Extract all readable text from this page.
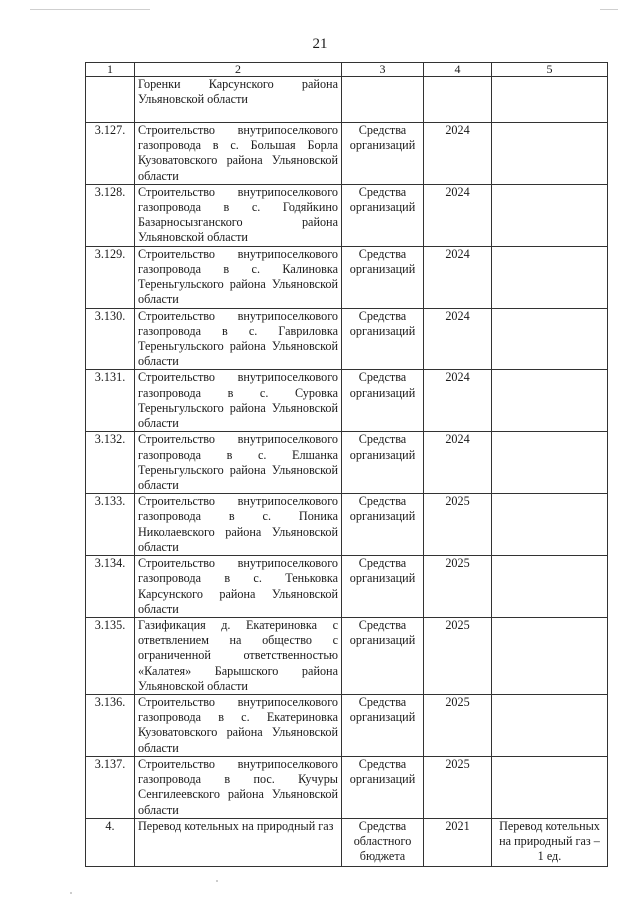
21
1	2	3	4	5
	Горенки Карсунского района Ульяновской области			
3.127.	Строительство внутрипоселкового газопровода в с. Большая Борла Кузоватовского района Ульяновской области	Средства организаций	2024	
3.128.	Строительство внутрипоселкового газопровода в с. Годяйкино Базарносызганского района Ульяновской области	Средства организаций	2024	
3.129.	Строительство внутрипоселкового газопровода в с. Калиновка Тереньгульского района Ульяновской области	Средства организаций	2024	
3.130.	Строительство внутрипоселкового газопровода в с. Гавриловка Тереньгульского района Ульяновской области	Средства организаций	2024	
3.131.	Строительство внутрипоселкового газопровода в с. Суровка Тереньгульского района Ульяновской области	Средства организаций	2024	
3.132.	Строительство внутрипоселкового газопровода в с. Елшанка Тереньгульского района Ульяновской области	Средства организаций	2024	
3.133.	Строительство внутрипоселкового газопровода в с. Поника Николаевского района Ульяновской области	Средства организаций	2025	
3.134.	Строительство внутрипоселкового газопровода в с. Теньковка Карсунского района Ульяновской области	Средства организаций	2025	
3.135.	Газификация д. Екатериновка с ответвлением на общество с ограниченной ответственностью «Калатея» Барышского района Ульяновской области	Средства организаций	2025	
3.136.	Строительство внутрипоселкового газопровода в с. Екатериновка Кузоватовского района Ульяновской области	Средства организаций	2025	
3.137.	Строительство внутрипоселкового газопровода в пос. Кучуры Сенгилеевского района Ульяновской области	Средства организаций	2025	
4.	Перевод котельных на природный газ	Средства областного бюджета	2021	Перевод котельных на природный газ – 1 ед.
